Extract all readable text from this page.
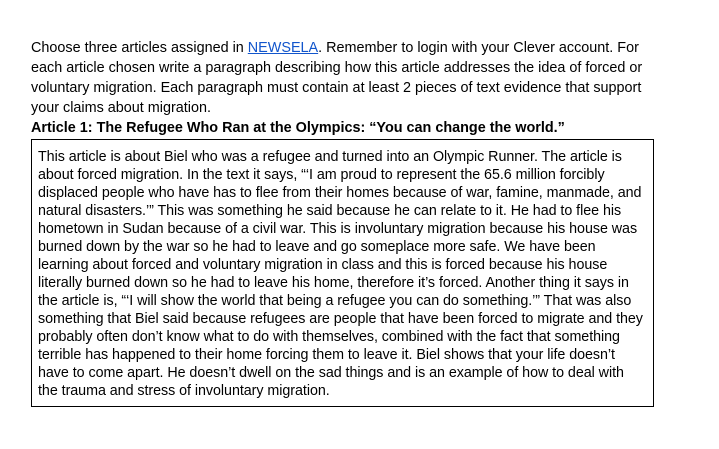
Choose three articles assigned in NEWSELA. Remember to login with your Clever account. For each article chosen write a paragraph describing how this article addresses the idea of forced or voluntary migration. Each paragraph must contain at least 2 pieces of text evidence that support your claims about migration.

Article 1: The Refugee Who Ran at the Olympics: “You can change the world.”

This article is about Biel who was a refugee and turned into an Olympic Runner. The article is about forced migration. In the text it says, “‘I am proud to represent the 65.6 million forcibly displaced people who have has to flee from their homes because of war, famine, manmade, and natural disasters.’” This was something he said because he can relate to it. He had to flee his hometown in Sudan because of a civil war. This is involuntary migration because his house was burned down by the war so he had to leave and go someplace more safe. We have been learning about forced and voluntary migration in class and this is forced because his house literally burned down so he had to leave his home, therefore it’s forced. Another thing it says in the article is, “‘I will show the world that being a refugee you can do something.’” That was also something that Biel said because refugees are people that have been forced to migrate and they probably often don’t know what to do with themselves, combined with the fact that something terrible has happened to their home forcing them to leave it. Biel shows that your life doesn’t have to come apart. He doesn’t dwell on the sad things and is an example of how to deal with the trauma and stress of involuntary migration.
